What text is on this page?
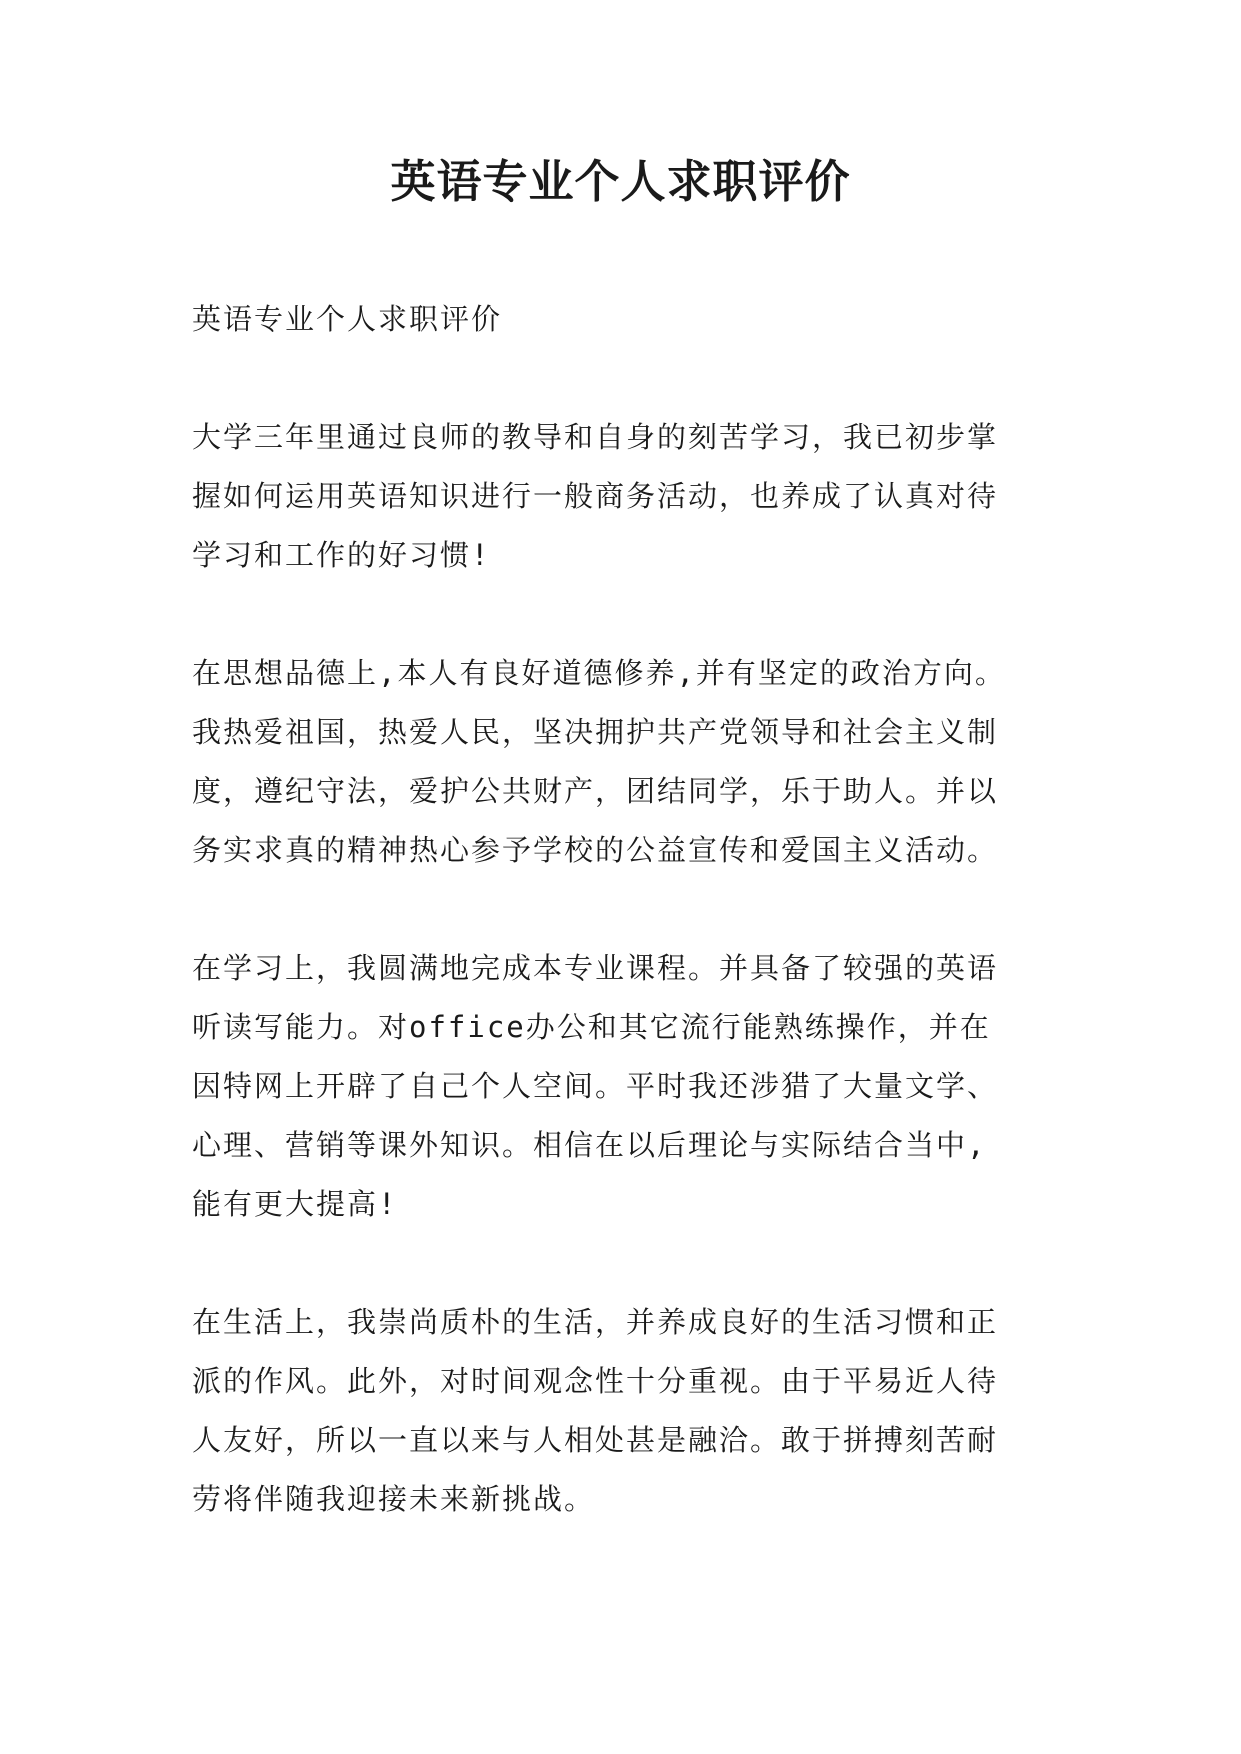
英语专业个人求职评价

英语专业个人求职评价

大学三年里通过良师的教导和自身的刻苦学习，我已初步掌
握如何运用英语知识进行一般商务活动，也养成了认真对待
学习和工作的好习惯!

在思想品德上,本人有良好道德修养,并有坚定的政治方向。
我热爱祖国，热爱人民，坚决拥护共产党领导和社会主义制
度，遵纪守法，爱护公共财产，团结同学，乐于助人。并以
务实求真的精神热心参予学校的公益宣传和爱国主义活动。

在学习上，我圆满地完成本专业课程。并具备了较强的英语
听读写能力。对office办公和其它流行能熟练操作，并在
因特网上开辟了自己个人空间。平时我还涉猎了大量文学、
心理、营销等课外知识。相信在以后理论与实际结合当中,
能有更大提高!

在生活上，我崇尚质朴的生活，并养成良好的生活习惯和正
派的作风。此外，对时间观念性十分重视。由于平易近人待
人友好，所以一直以来与人相处甚是融洽。敢于拼搏刻苦耐
劳将伴随我迎接未来新挑战。
